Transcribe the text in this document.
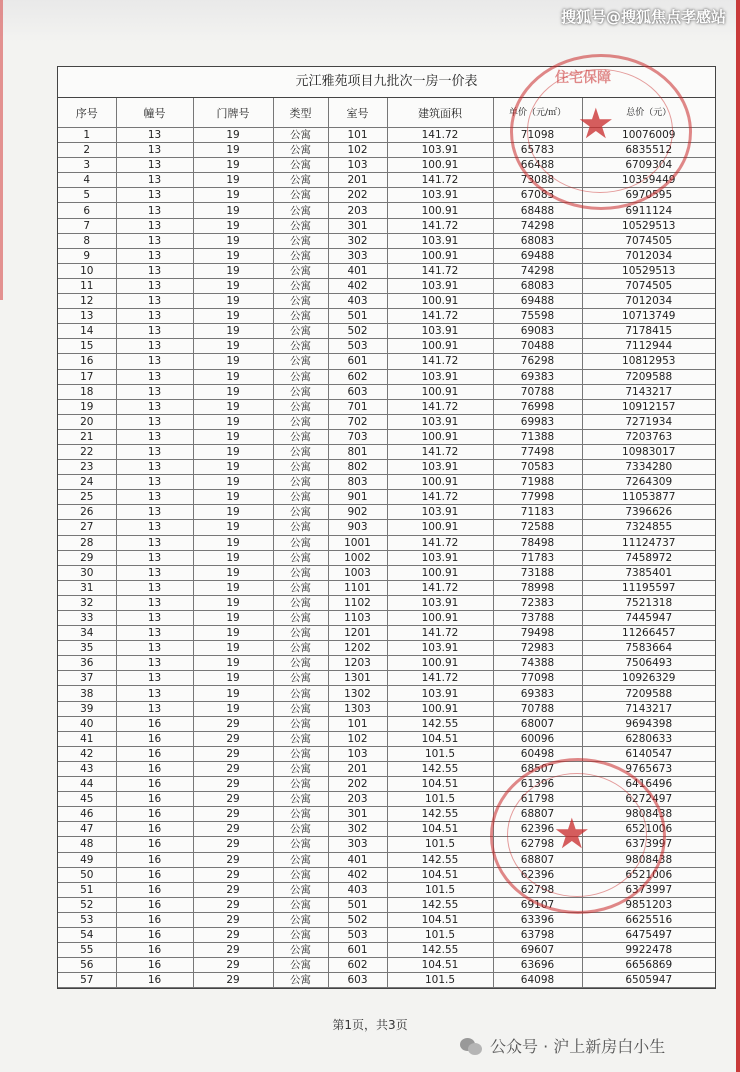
搜狐号@搜狐焦点孝感站
元江雅苑项目九批次一房一价表
序号	幢号	门牌号	类型	室号	建筑面积	单价（元/㎡）	总价（元）
1	13	19	公寓	101	141.72	71098	10076009
2	13	19	公寓	102	103.91	65783	6835512
3	13	19	公寓	103	100.91	66488	6709304
4	13	19	公寓	201	141.72	73088	10359449
5	13	19	公寓	202	103.91	67083	6970595
6	13	19	公寓	203	100.91	68488	6911124
7	13	19	公寓	301	141.72	74298	10529513
8	13	19	公寓	302	103.91	68083	7074505
9	13	19	公寓	303	100.91	69488	7012034
10	13	19	公寓	401	141.72	74298	10529513
11	13	19	公寓	402	103.91	68083	7074505
12	13	19	公寓	403	100.91	69488	7012034
13	13	19	公寓	501	141.72	75598	10713749
14	13	19	公寓	502	103.91	69083	7178415
15	13	19	公寓	503	100.91	70488	7112944
16	13	19	公寓	601	141.72	76298	10812953
17	13	19	公寓	602	103.91	69383	7209588
18	13	19	公寓	603	100.91	70788	7143217
19	13	19	公寓	701	141.72	76998	10912157
20	13	19	公寓	702	103.91	69983	7271934
21	13	19	公寓	703	100.91	71388	7203763
22	13	19	公寓	801	141.72	77498	10983017
23	13	19	公寓	802	103.91	70583	7334280
24	13	19	公寓	803	100.91	71988	7264309
25	13	19	公寓	901	141.72	77998	11053877
26	13	19	公寓	902	103.91	71183	7396626
27	13	19	公寓	903	100.91	72588	7324855
28	13	19	公寓	1001	141.72	78498	11124737
29	13	19	公寓	1002	103.91	71783	7458972
30	13	19	公寓	1003	100.91	73188	7385401
31	13	19	公寓	1101	141.72	78998	11195597
32	13	19	公寓	1102	103.91	72383	7521318
33	13	19	公寓	1103	100.91	73788	7445947
34	13	19	公寓	1201	141.72	79498	11266457
35	13	19	公寓	1202	103.91	72983	7583664
36	13	19	公寓	1203	100.91	74388	7506493
37	13	19	公寓	1301	141.72	77098	10926329
38	13	19	公寓	1302	103.91	69383	7209588
39	13	19	公寓	1303	100.91	70788	7143217
40	16	29	公寓	101	142.55	68007	9694398
41	16	29	公寓	102	104.51	60096	6280633
42	16	29	公寓	103	101.5	60498	6140547
43	16	29	公寓	201	142.55	68507	9765673
44	16	29	公寓	202	104.51	61396	6416496
45	16	29	公寓	203	101.5	61798	6272497
46	16	29	公寓	301	142.55	68807	9808438
47	16	29	公寓	302	104.51	62396	6521006
48	16	29	公寓	303	101.5	62798	6373997
49	16	29	公寓	401	142.55	68807	9808438
50	16	29	公寓	402	104.51	62396	6521006
51	16	29	公寓	403	101.5	62798	6373997
52	16	29	公寓	501	142.55	69107	9851203
53	16	29	公寓	502	104.51	63396	6625516
54	16	29	公寓	503	101.5	63798	6475497
55	16	29	公寓	601	142.55	69607	9922478
56	16	29	公寓	602	104.51	63696	6656869
57	16	29	公寓	603	101.5	64098	6505947
★
住宅保障
★
第1页，共3页
公众号 · 沪上新房白小生
